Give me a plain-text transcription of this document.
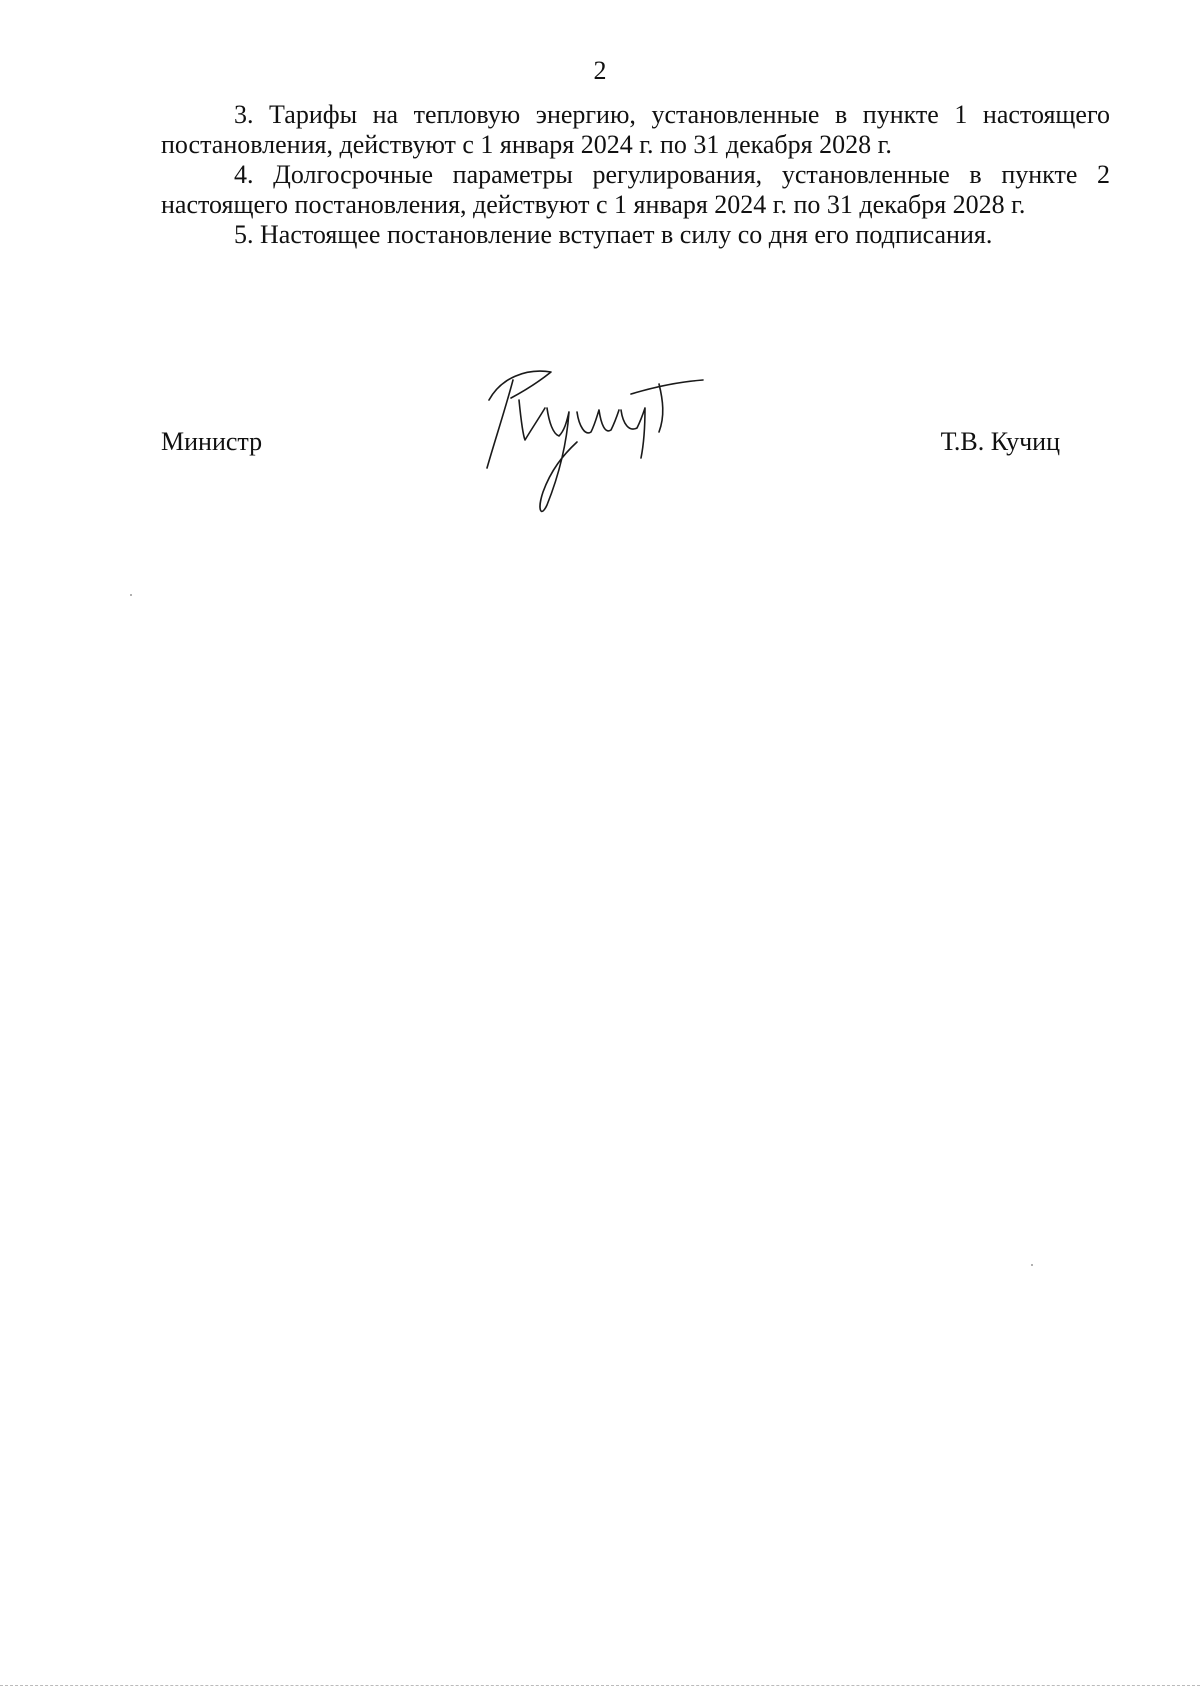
2

3. Тарифы на тепловую энергию, установленные в пункте 1 настоящего постановления, действуют с 1 января 2024 г. по 31 декабря 2028 г.

4. Долгосрочные параметры регулирования, установленные в пункте 2 настоящего постановления, действуют с 1 января 2024 г. по 31 декабря 2028 г.

5. Настоящее постановление вступает в силу со дня его подписания.

Министр	Т.В. Кучиц
